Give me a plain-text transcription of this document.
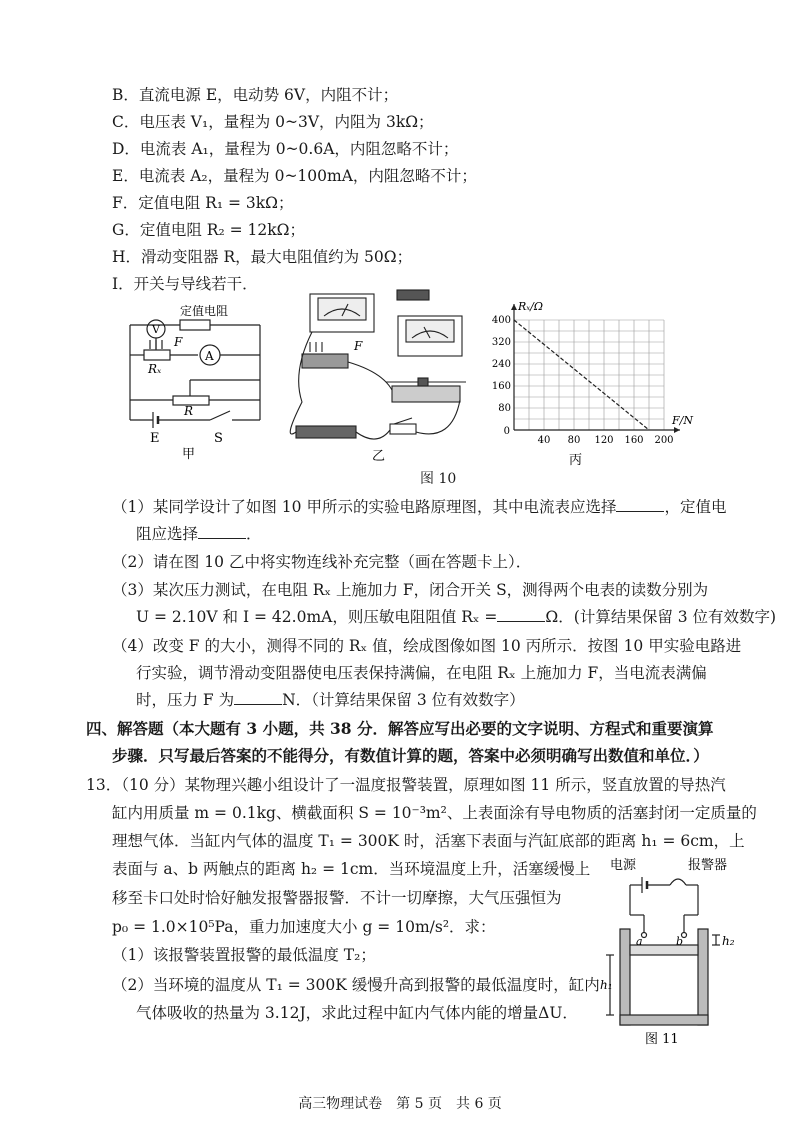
B．直流电源 E，电动势 6V，内阻不计；
C．电压表 V₁，量程为 0~3V，内阻为 3kΩ；
D．电流表 A₁，量程为 0~0.6A，内阻忽略不计；
E．电流表 A₂，量程为 0~100mA，内阻忽略不计；
F．定值电阻 R₁ = 3kΩ；
G．定值电阻 R₂ = 12kΩ；
H．滑动变阻器 R，最大电阻值约为 50Ω；
I．开关与导线若干．
V
A
定值电阻
F
Rₓ
R
E	S
甲
F
乙
40 80 120 160 200
80
160
240
320
400
0
Rₓ/Ω
F/N
丙
图 10
（1）某同学设计了如图 10 甲所示的实验电路原理图，其中电流表应选择	，定值电
阻应选择	．
（2）请在图 10 乙中将实物连线补充完整（画在答题卡上）．
（3）某次压力测试，在电阻 Rₓ 上施加力 F，闭合开关 S，测得两个电表的读数分别为
U = 2.10V 和 I = 42.0mA，则压敏电阻阻值 Rₓ =	Ω．(计算结果保留 3 位有效数字)
（4）改变 F 的大小，测得不同的 Rₓ 值，绘成图像如图 10 丙所示．按图 10 甲实验电路进
行实验，调节滑动变阻器使电压表保持满偏，在电阻 Rₓ 上施加力 F，当电流表满偏
时，压力 F 为	N．（计算结果保留 3 位有效数字）
四、解答题（本大题有 3 小题，共 38 分．解答应写出必要的文字说明、方程式和重要演算
步骤．只写最后答案的不能得分，有数值计算的题，答案中必须明确写出数值和单位．）
13．（10 分）某物理兴趣小组设计了一温度报警装置，原理如图 11 所示，竖直放置的导热汽
缸内用质量 m = 0.1kg、横截面积 S = 10⁻³m²、上表面涂有导电物质的活塞封闭一定质量的
理想气体．当缸内气体的温度 T₁ = 300K 时，活塞下表面与汽缸底部的距离 h₁ = 6cm，上
表面与 a、b 两触点的距离 h₂ = 1cm．当环境温度上升，活塞缓慢上
移至卡口处时恰好触发报警器报警．不计一切摩擦，大气压强恒为
p₀ = 1.0×10⁵Pa，重力加速度大小 g = 10m/s²．求：
（1）该报警装置报警的最低温度 T₂；
（2）当环境的温度从 T₁ = 300K 缓慢升高到报警的最低温度时，缸内
气体吸收的热量为 3.12J，求此过程中缸内气体内能的增量ΔU．
电源	报警器
a	b
h₁
h₂
图 11
高三物理试卷　第 5 页　共 6 页
